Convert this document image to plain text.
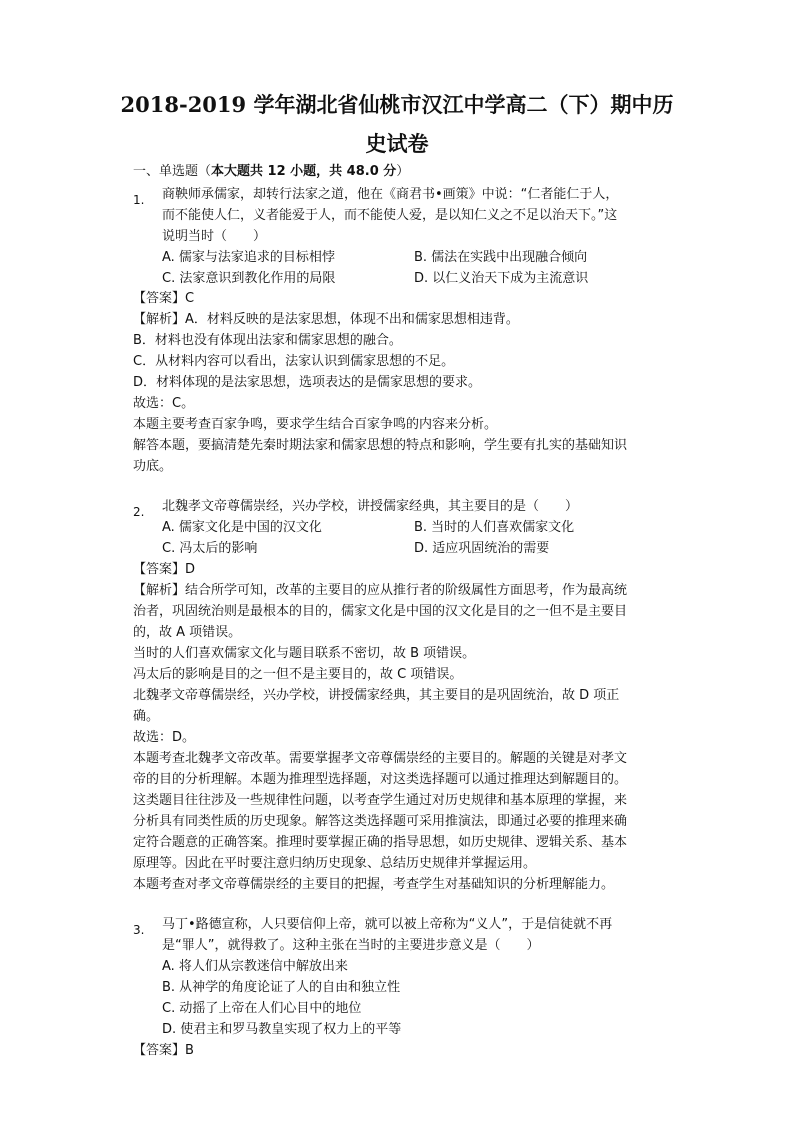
2018-2019 学年湖北省仙桃市汉江中学高二（下）期中历
史试卷
一、单选题（本大题共 12 小题，共 48.0 分）
1. 商鞅师承儒家，却转行法家之道，他在《商君书•画策》中说：“仁者能仁于人，
而不能使人仁，义者能爱于人，而不能使人爱，是以知仁义之不足以治天下。”这
说明当时（　　）
A. 儒家与法家追求的目标相悖	B. 儒法在实践中出现融合倾向
C. 法家意识到教化作用的局限	D. 以仁义治天下成为主流意识
【答案】C
【解析】A．材料反映的是法家思想，体现不出和儒家思想相违背。
B．材料也没有体现出法家和儒家思想的融合。
C．从材料内容可以看出，法家认识到儒家思想的不足。
D．材料体现的是法家思想，选项表达的是儒家思想的要求。
故选：C。
本题主要考查百家争鸣，要求学生结合百家争鸣的内容来分析。
解答本题，要搞清楚先秦时期法家和儒家思想的特点和影响，学生要有扎实的基础知识
功底。
2. 北魏孝文帝尊儒崇经，兴办学校，讲授儒家经典，其主要目的是（　　）
A. 儒家文化是中国的汉文化	B. 当时的人们喜欢儒家文化
C. 冯太后的影响	D. 适应巩固统治的需要
【答案】D
【解析】结合所学可知，改革的主要目的应从推行者的阶级属性方面思考，作为最高统
治者，巩固统治则是最根本的目的，儒家文化是中国的汉文化是目的之一但不是主要目
的，故 A 项错误。
当时的人们喜欢儒家文化与题目联系不密切，故 B 项错误。
冯太后的影响是目的之一但不是主要目的，故 C 项错误。
北魏孝文帝尊儒崇经，兴办学校，讲授儒家经典，其主要目的是巩固统治，故 D 项正
确。
故选：D。
本题考查北魏孝文帝改革。需要掌握孝文帝尊儒崇经的主要目的。解题的关键是对孝文
帝的目的分析理解。本题为推理型选择题，对这类选择题可以通过推理达到解题目的。
这类题目往往涉及一些规律性问题，以考查学生通过对历史规律和基本原理的掌握，来
分析具有同类性质的历史现象。解答这类选择题可采用推演法，即通过必要的推理来确
定符合题意的正确答案。推理时要掌握正确的指导思想，如历史规律、逻辑关系、基本
原理等。因此在平时要注意归纳历史现象、总结历史规律并掌握运用。
本题考查对孝文帝尊儒崇经的主要目的把握，考查学生对基础知识的分析理解能力。
3. 马丁•路德宣称，人只要信仰上帝，就可以被上帝称为“义人”，于是信徒就不再
是“罪人”，就得救了。这种主张在当时的主要进步意义是（　　）
A. 将人们从宗教迷信中解放出来
B. 从神学的角度论证了人的自由和独立性
C. 动摇了上帝在人们心目中的地位
D. 使君主和罗马教皇实现了权力上的平等
【答案】B
